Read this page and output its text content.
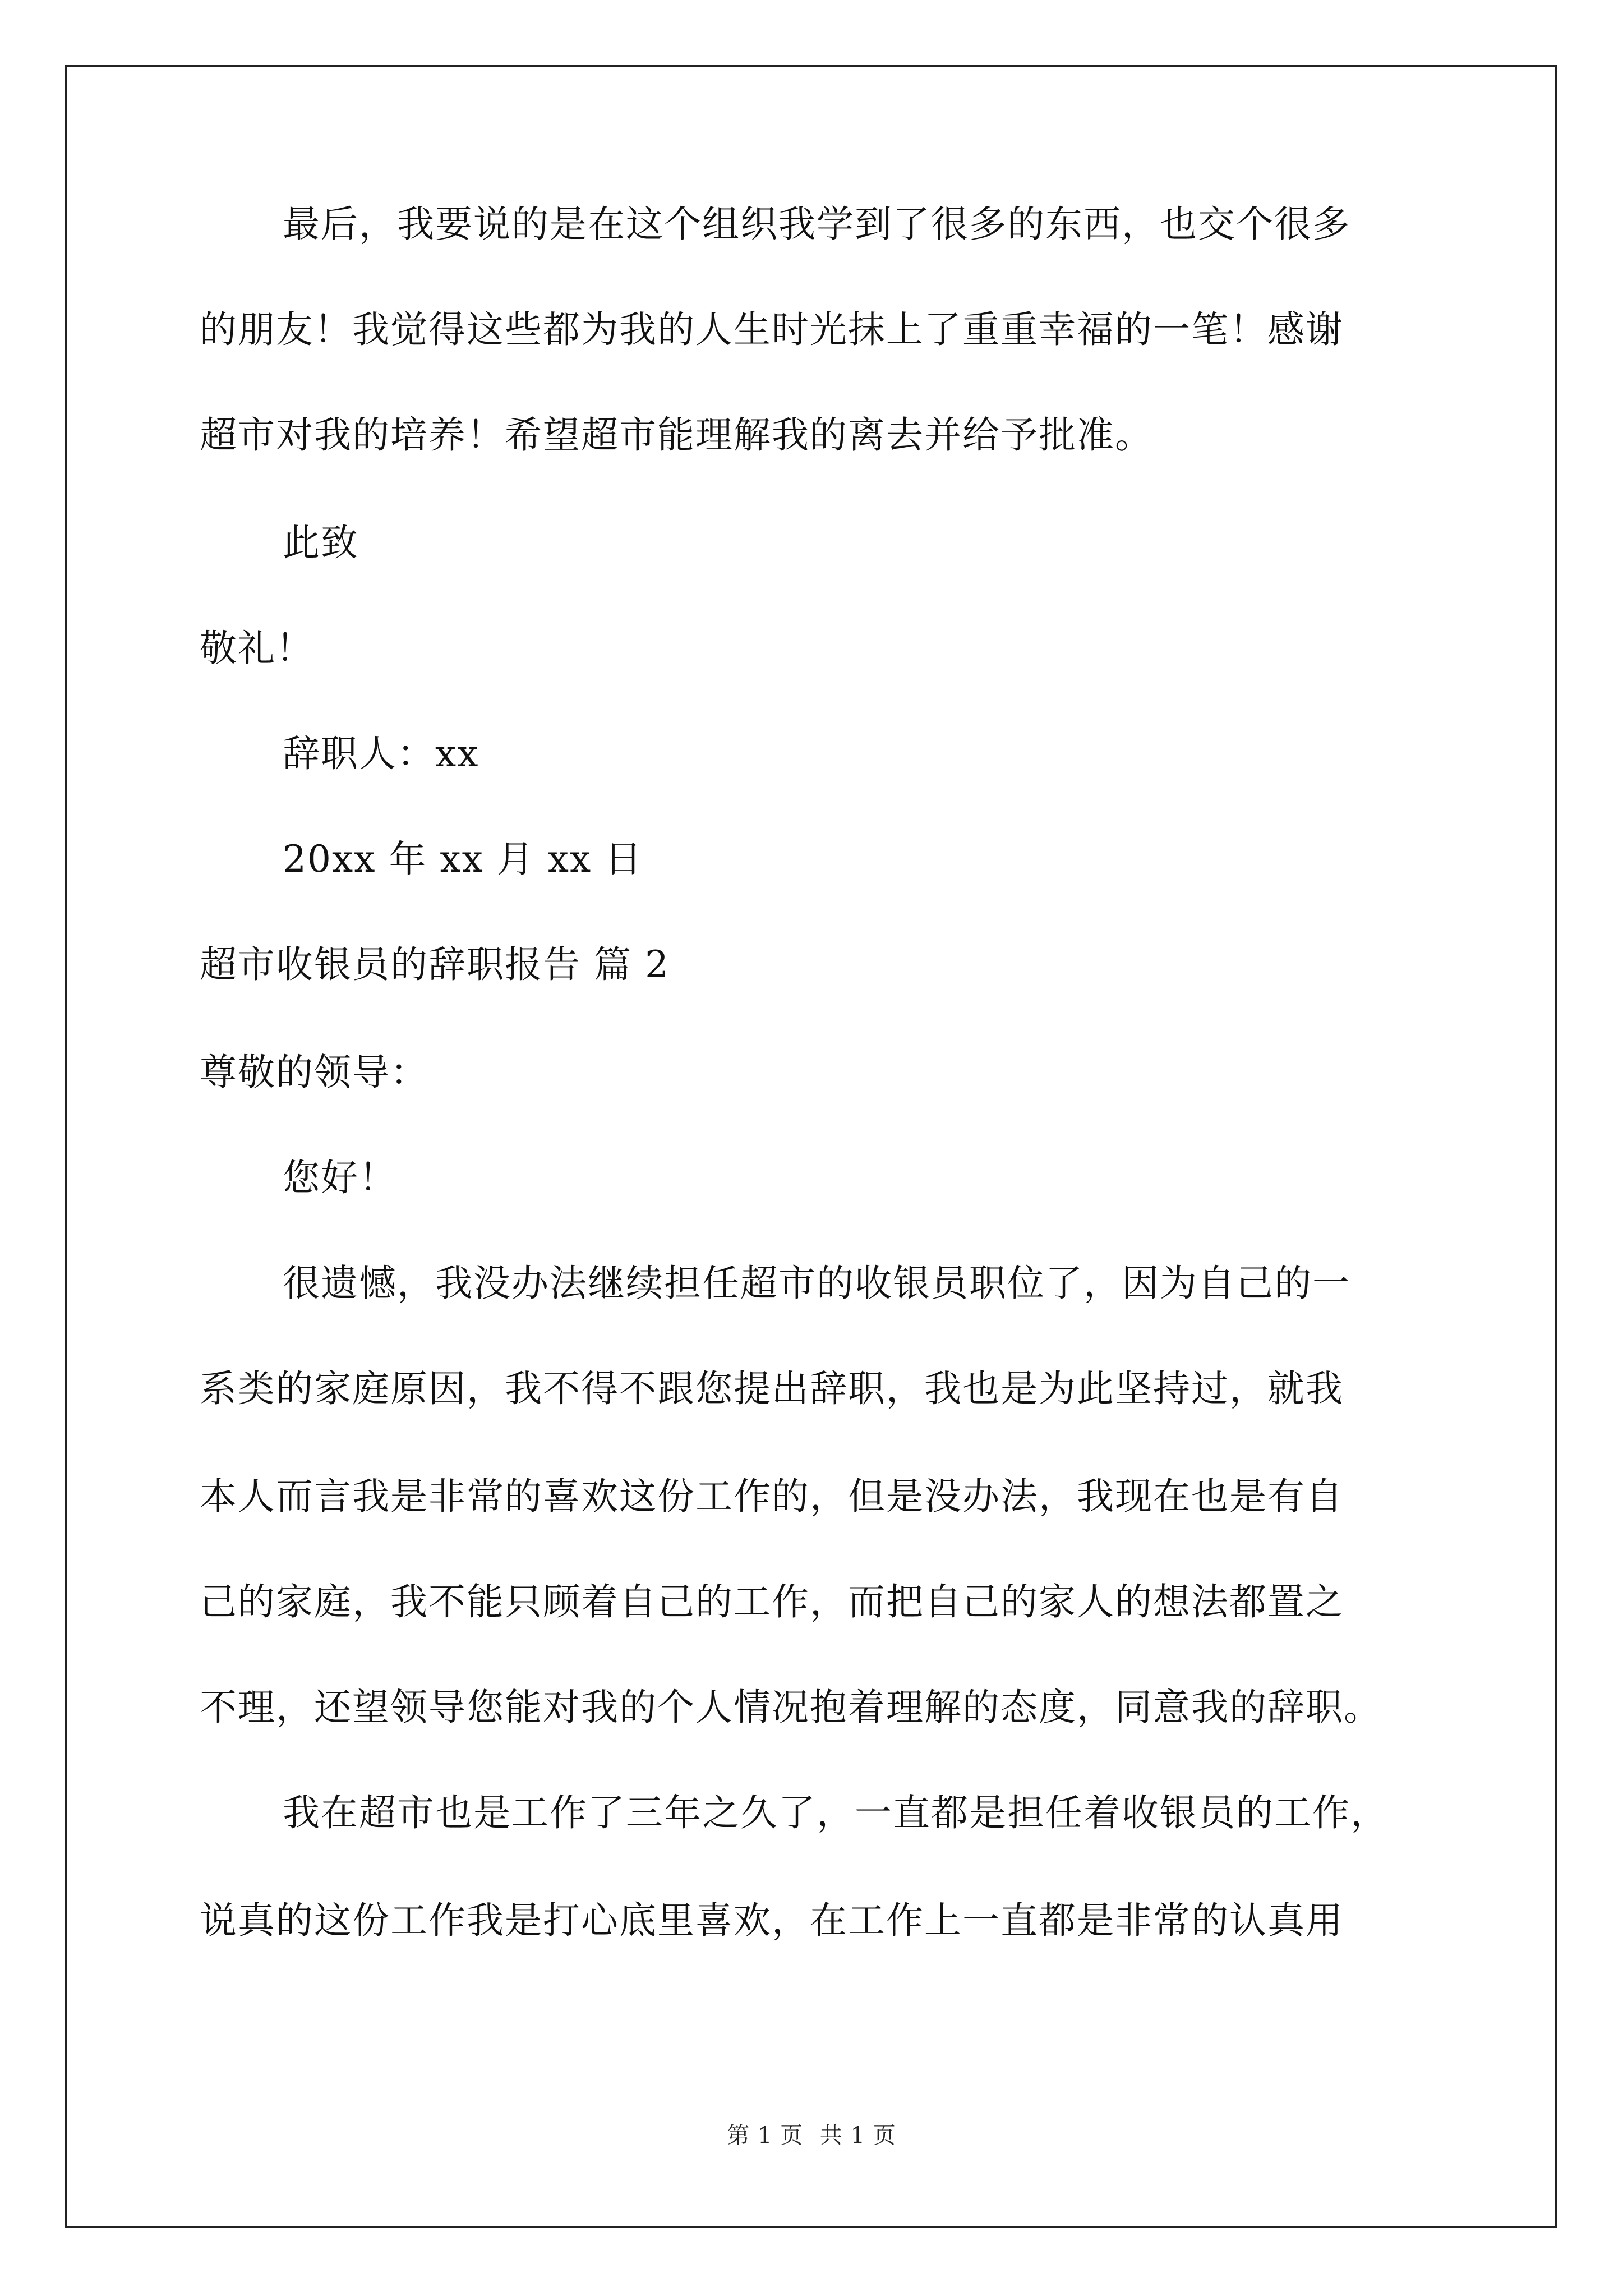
最后，我要说的是在这个组织我学到了很多的东西，也交个很多
的朋友！我觉得这些都为我的人生时光抹上了重重幸福的一笔！感谢
超市对我的培养！希望超市能理解我的离去并给予批准。
此致
敬礼！
辞职人：xx
20xx 年 xx 月 xx 日
超市收银员的辞职报告 篇 2
尊敬的领导：
您好！
很遗憾，我没办法继续担任超市的收银员职位了，因为自己的一
系类的家庭原因，我不得不跟您提出辞职，我也是为此坚持过，就我
本人而言我是非常的喜欢这份工作的，但是没办法，我现在也是有自
己的家庭，我不能只顾着自己的工作，而把自己的家人的想法都置之
不理，还望领导您能对我的个人情况抱着理解的态度，同意我的辞职。
我在超市也是工作了三年之久了，一直都是担任着收银员的工作，
说真的这份工作我是打心底里喜欢，在工作上一直都是非常的认真用
第 1 页 共 1 页
